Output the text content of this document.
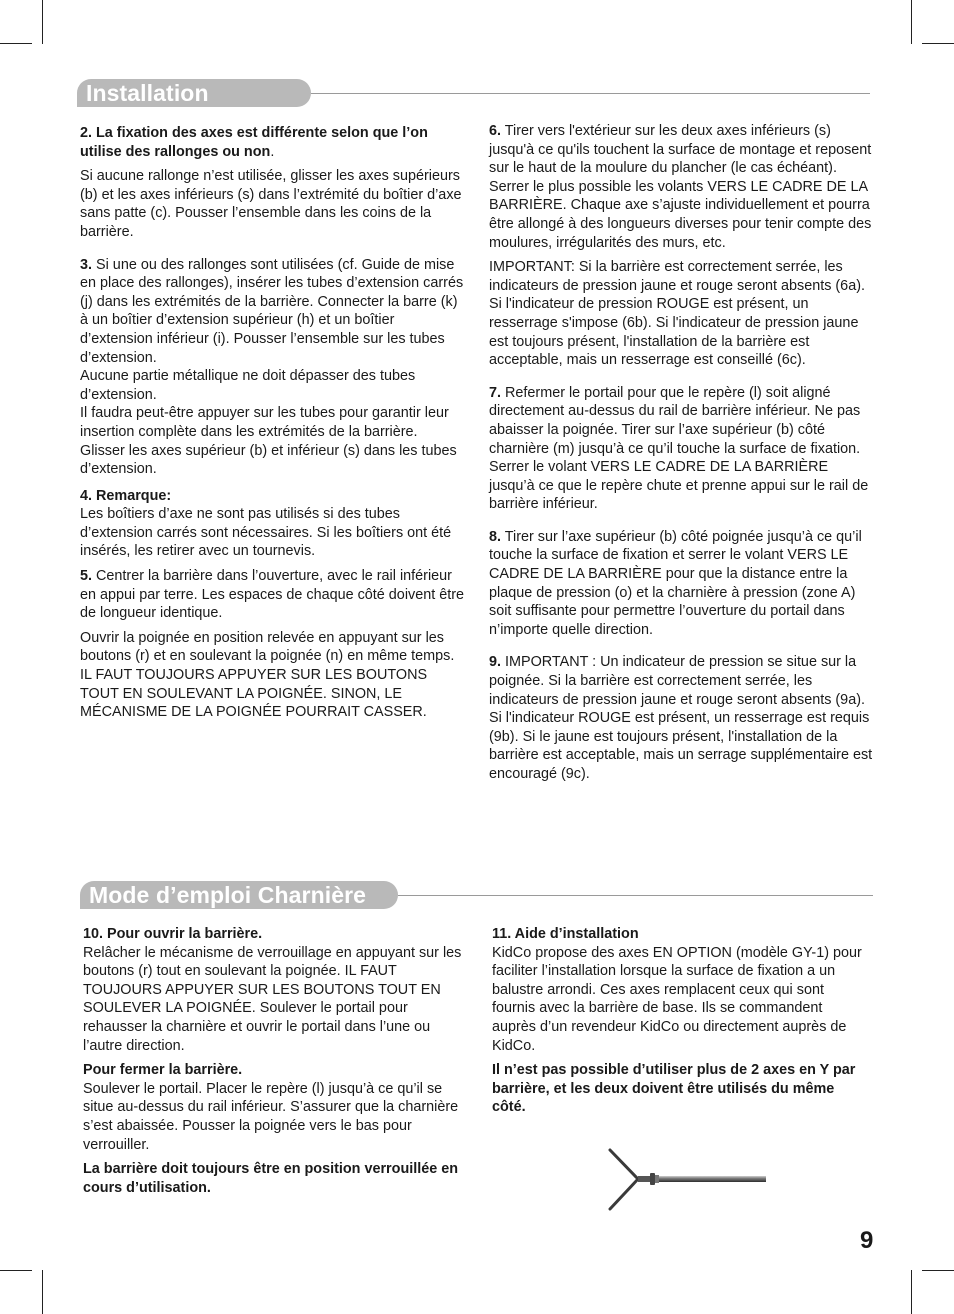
Installation

2. La fixation des axes est différente selon que l’on utilise des rallonges ou non.

Si aucune rallonge n’est utilisée, glisser les axes supérieurs (b) et les axes inférieurs (s) dans l’extrémité du boîtier d’axe sans patte (c). Pousser l’ensemble dans les coins de la barrière.

3. Si une ou des rallonges sont utilisées (cf. Guide de mise en place des rallonges), insérer les tubes d’extension carrés (j) dans les extrémités de la barrière. Connecter la barre (k) à un boîtier d’extension supérieur (h) et un boîtier d’extension inférieur (i). Pousser l’ensemble sur les tubes d’extension.

Aucune partie métallique ne doit dépasser des tubes d’extension.

Il faudra peut-être appuyer sur les tubes pour garantir leur insertion complète dans les extrémités de la barrière. Glisser les axes supérieur (b) et inférieur (s) dans les tubes d’extension.

4. Remarque:

Les boîtiers d’axe ne sont pas utilisés si des tubes d’extension carrés sont nécessaires. Si les boîtiers ont été insérés, les retirer avec un tournevis.

5. Centrer la barrière dans l’ouverture, avec le rail inférieur en appui par terre. Les espaces de chaque côté doivent être de longueur identique.

Ouvrir la poignée en position relevée en appuyant sur les boutons (r) et en soulevant la poignée (n) en même temps. IL FAUT TOUJOURS APPUYER SUR LES BOUTONS TOUT EN SOULEVANT LA POIGNÉE. SINON, LE MÉCANISME DE LA POIGNÉE POURRAIT CASSER.

6. Tirer vers l'extérieur sur les deux axes inférieurs (s) jusqu'à ce qu'ils touchent la surface de montage et reposent sur le haut de la moulure du plancher (le cas échéant). Serrer le plus possible les volants VERS LE CADRE DE LA BARRIÈRE. Chaque axe s’ajuste individuellement et pourra être allongé à des longueurs diverses pour tenir compte des moulures, irrégularités des murs, etc.

IMPORTANT: Si la barrière est correctement serrée, les indicateurs de pression jaune et rouge seront absents (6a). Si l'indicateur de pression ROUGE est présent, un resserrage s'impose (6b). Si l'indicateur de pression jaune est toujours présent, l'installation de la barrière est acceptable, mais un resserrage est conseillé (6c).

7. Refermer le portail pour que le repère (l) soit aligné directement au-dessus du rail de barrière inférieur. Ne pas abaisser la poignée. Tirer sur l’axe supérieur (b) côté charnière (m) jusqu’à ce qu’il touche la surface de fixation. Serrer le volant VERS LE CADRE DE LA BARRIÈRE jusqu’à ce que le repère chute et prenne appui sur le rail de barrière inférieur.

8. Tirer sur l’axe supérieur (b) côté poignée jusqu’à ce qu’il touche la surface de fixation et serrer le volant VERS LE CADRE DE LA BARRIÈRE pour que la distance entre la plaque de pression (o) et la charnière à pression (zone A) soit suffisante pour permettre l’ouverture du portail dans n’importe quelle direction.

9. IMPORTANT : Un indicateur de pression se situe sur la poignée. Si la barrière est correctement serrée, les indicateurs de pression jaune et rouge seront absents (9a). Si l'indicateur ROUGE est présent, un resserrage est requis (9b). Si le jaune est toujours présent, l'installation de la barrière est acceptable, mais un serrage supplémentaire est encouragé (9c).

Mode d’emploi Charnière

10. Pour ouvrir la barrière.

Relâcher le mécanisme de verrouillage en appuyant sur les boutons (r) tout en soulevant la poignée. IL FAUT TOUJOURS APPUYER SUR LES BOUTONS TOUT EN SOULEVER LA POIGNÉE. Soulever le portail pour rehausser la charnière et ouvrir le portail dans l’une ou l’autre direction.

Pour fermer la barrière.

Soulever le portail. Placer le repère (l) jusqu’à ce qu’il se situe au-dessus du rail inférieur. S’assurer que la charnière s’est abaissée. Pousser la poignée vers le bas pour verrouiller.

La barrière doit toujours être en position verrouillée en cours d’utilisation.

11. Aide d’installation

KidCo propose des axes EN OPTION (modèle GY-1) pour faciliter l’installation lorsque la surface de fixation a un balustre arrondi. Ces axes remplacent ceux qui sont fournis avec la barrière de base. Ils se commandent auprès d’un revendeur KidCo ou directement auprès de KidCo.

Il n’est pas possible d’utiliser plus de 2 axes en Y par barrière, et les deux doivent être utilisés du même côté.

9
